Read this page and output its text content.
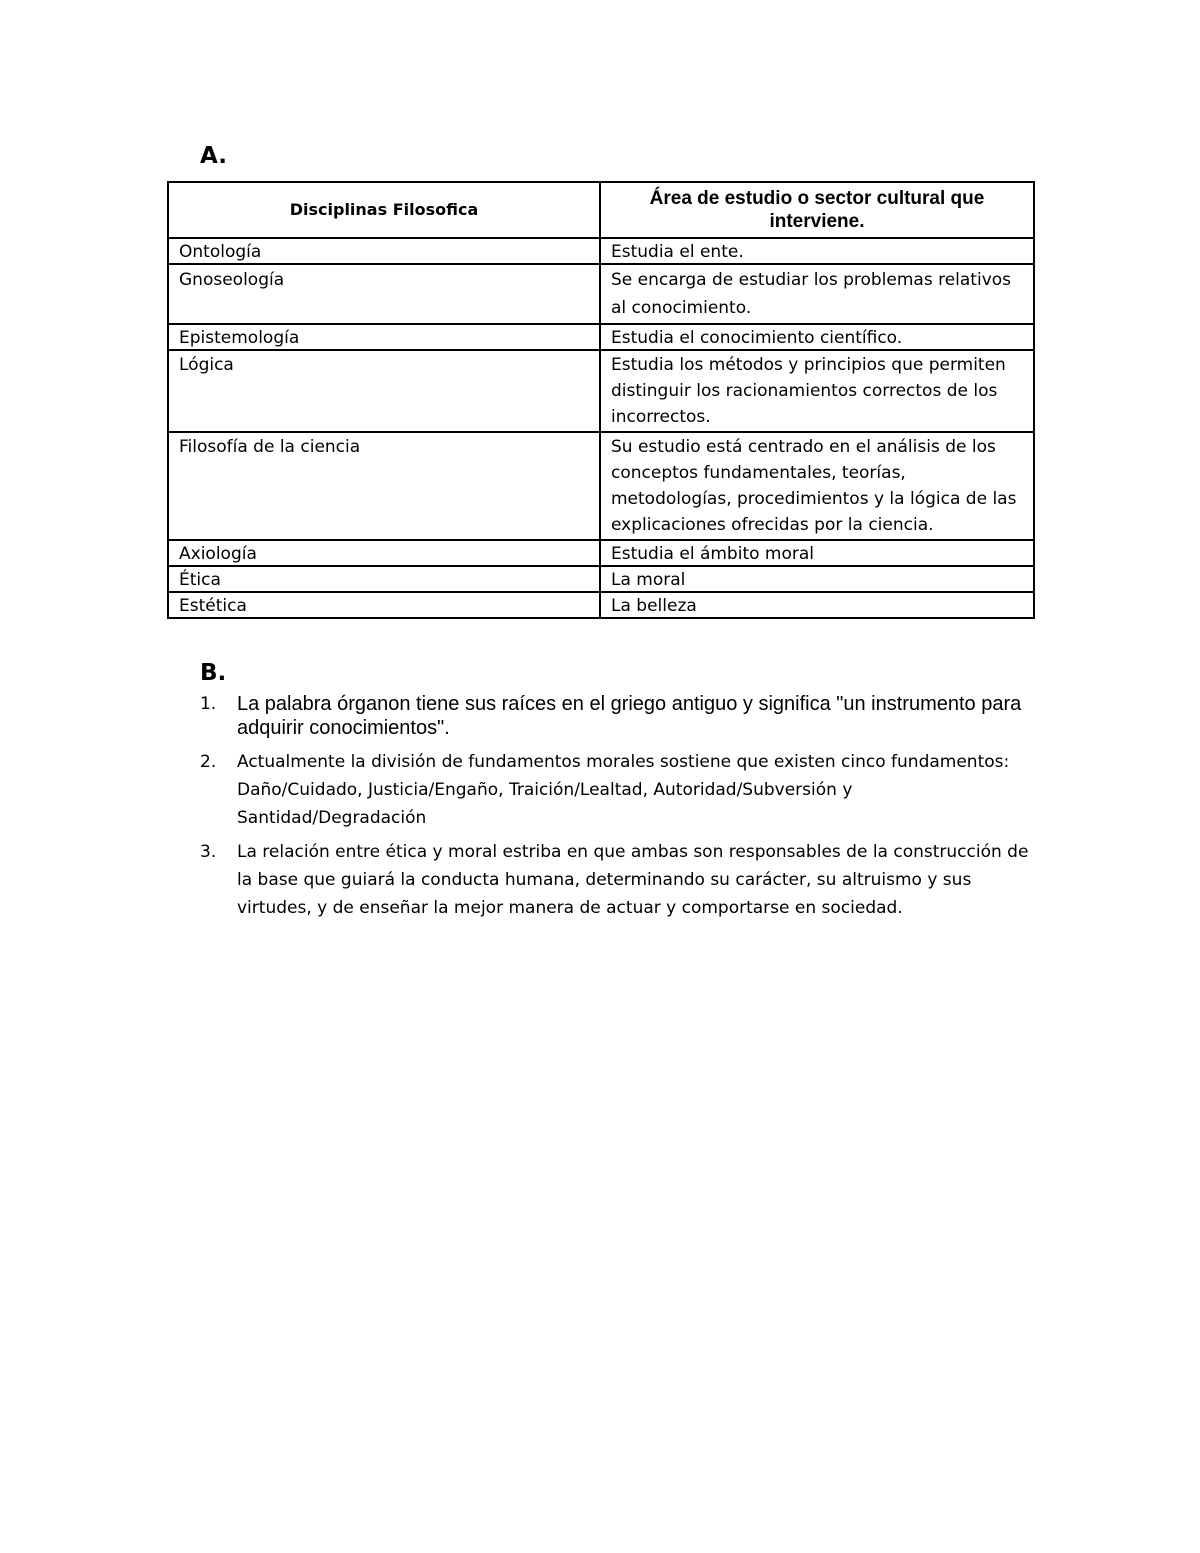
A.
Disciplinas Filosofica	Área de estudio o sector cultural que interviene.
Ontología	Estudia el ente.
Gnoseología	Se encarga de estudiar los problemas relativos al conocimiento.
Epistemología	Estudia el conocimiento científico.
Lógica	Estudia los métodos y principios que permiten distinguir los racionamientos correctos de los incorrectos.
Filosofía de la ciencia	Su estudio está centrado en el análisis de los conceptos fundamentales, teorías, metodologías, procedimientos y la lógica de las explicaciones ofrecidas por la ciencia.
Axiología	Estudia el ámbito moral
Ética	La moral
Estética	La belleza
B.
1. La palabra órganon tiene sus raíces en el griego antiguo y significa "un instrumento para adquirir conocimientos".
2. Actualmente la división de fundamentos morales sostiene que existen cinco fundamentos: Daño/Cuidado, Justicia/Engaño, Traición/Lealtad, Autoridad/Subversión y Santidad/Degradación
3. La relación entre ética y moral estriba en que ambas son responsables de la construcción de la base que guiará la conducta humana, determinando su carácter, su altruismo y sus virtudes, y de enseñar la mejor manera de actuar y comportarse en sociedad.
